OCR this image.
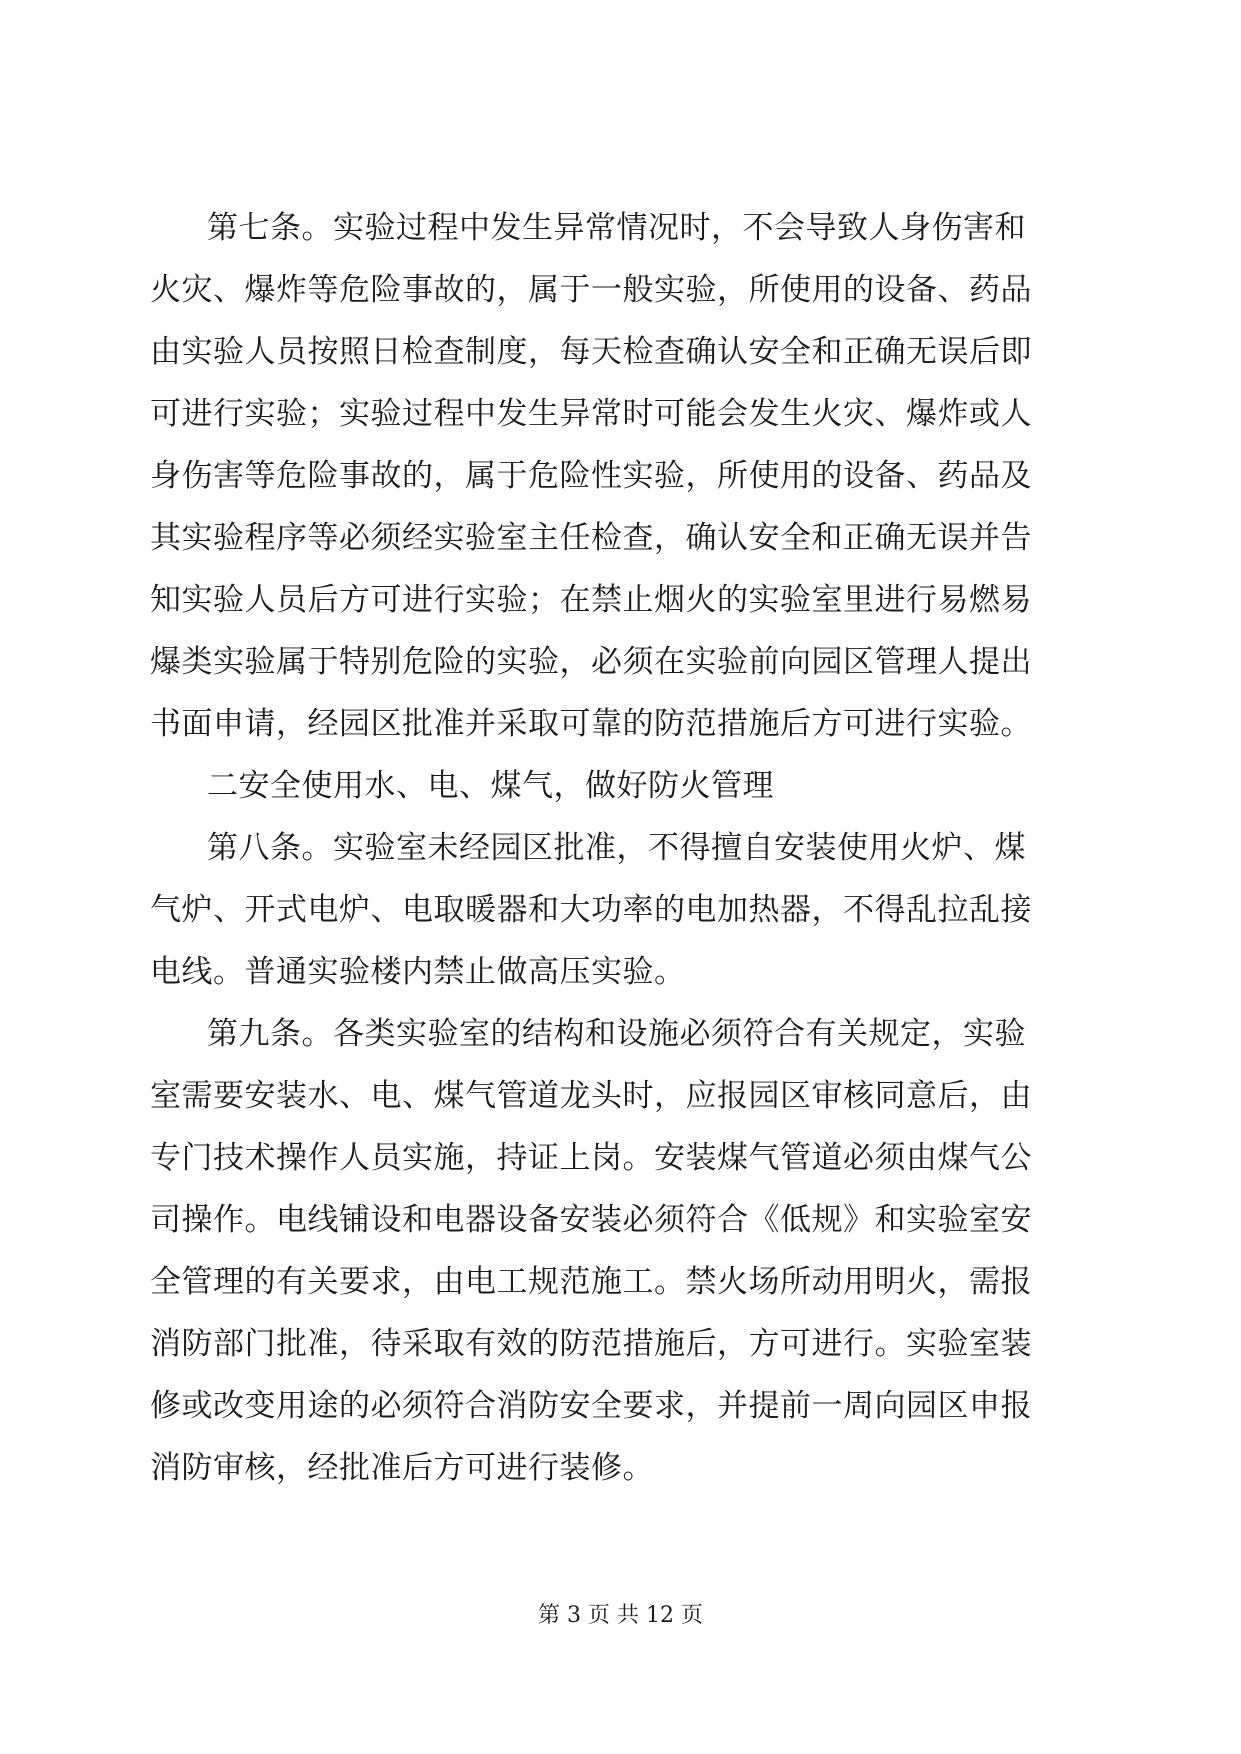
第七条。实验过程中发生异常情况时，不会导致人身伤害和
火灾、爆炸等危险事故的，属于一般实验，所使用的设备、药品
由实验人员按照日检查制度，每天检查确认安全和正确无误后即
可进行实验；实验过程中发生异常时可能会发生火灾、爆炸或人
身伤害等危险事故的，属于危险性实验，所使用的设备、药品及
其实验程序等必须经实验室主任检查，确认安全和正确无误并告
知实验人员后方可进行实验；在禁止烟火的实验室里进行易燃易
爆类实验属于特别危险的实验，必须在实验前向园区管理人提出
书面申请，经园区批准并采取可靠的防范措施后方可进行实验。
二安全使用水、电、煤气，做好防火管理
第八条。实验室未经园区批准，不得擅自安装使用火炉、煤
气炉、开式电炉、电取暖器和大功率的电加热器，不得乱拉乱接
电线。普通实验楼内禁止做高压实验。
第九条。各类实验室的结构和设施必须符合有关规定，实验
室需要安装水、电、煤气管道龙头时，应报园区审核同意后，由
专门技术操作人员实施，持证上岗。安装煤气管道必须由煤气公
司操作。电线铺设和电器设备安装必须符合《低规》和实验室安
全管理的有关要求，由电工规范施工。禁火场所动用明火，需报
消防部门批准，待采取有效的防范措施后，方可进行。实验室装
修或改变用途的必须符合消防安全要求，并提前一周向园区申报
消防审核，经批准后方可进行装修。
第 3 页 共 12 页
